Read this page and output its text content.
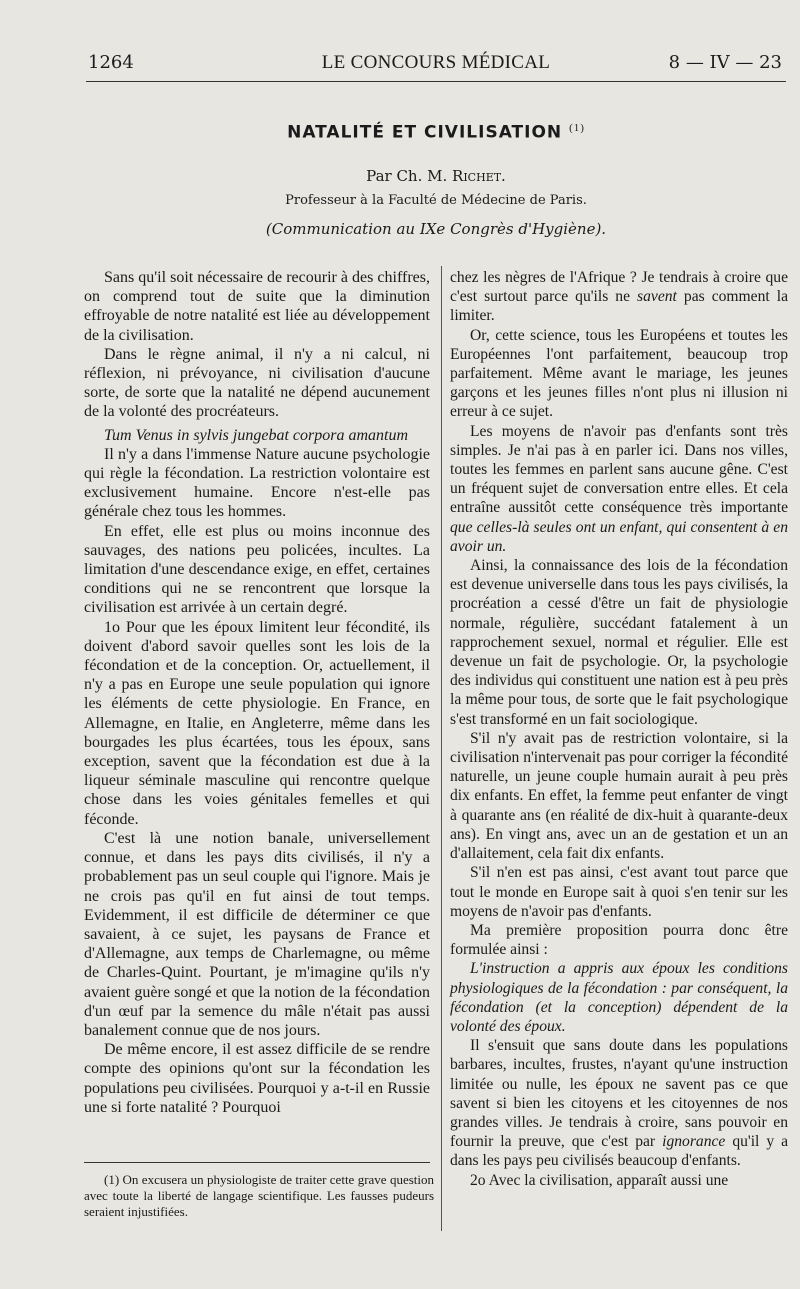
1264	LE CONCOURS MÉDICAL	8 — IV — 23
NATALITÉ ET CIVILISATION $^{(1)}$
Par Ch. M. Richet.
Professeur à la Faculté de Médecine de Paris.
(Communication au IXe Congrès d'Hygiène).

Sans qu'il soit nécessaire de recourir à des chiffres, on comprend tout de suite que la diminution effroyable de notre natalité est liée au développement de la civilisation.

Dans le règne animal, il n'y a ni calcul, ni réflexion, ni prévoyance, ni civilisation d'aucune sorte, de sorte que la natalité ne dépend aucunement de la volonté des procréateurs.

Tum Venus in sylvis jungebat corpora amantum

Il n'y a dans l'immense Nature aucune psychologie qui règle la fécondation. La restriction volontaire est exclusivement humaine. Encore n'est-elle pas générale chez tous les hommes.

En effet, elle est plus ou moins inconnue des sauvages, des nations peu policées, incultes. La limitation d'une descendance exige, en effet, certaines conditions qui ne se rencontrent que lorsque la civilisation est arrivée à un certain degré.

1o Pour que les époux limitent leur fécondité, ils doivent d'abord savoir quelles sont les lois de la fécondation et de la conception. Or, actuellement, il n'y a pas en Europe une seule population qui ignore les éléments de cette physiologie. En France, en Allemagne, en Italie, en Angleterre, même dans les bourgades les plus écartées, tous les époux, sans exception, savent que la fécondation est due à la liqueur séminale masculine qui rencontre quelque chose dans les voies génitales femelles et qui féconde.

C'est là une notion banale, universellement connue, et dans les pays dits civilisés, il n'y a probablement pas un seul couple qui l'ignore. Mais je ne crois pas qu'il en fut ainsi de tout temps. Evidemment, il est difficile de déterminer ce que savaient, à ce sujet, les paysans de France et d'Allemagne, aux temps de Charlemagne, ou même de Charles-Quint. Pourtant, je m'imagine qu'ils n'y avaient guère songé et que la notion de la fécondation d'un œuf par la semence du mâle n'était pas aussi banalement connue que de nos jours.

De même encore, il est assez difficile de se rendre compte des opinions qu'ont sur la fécondation les populations peu civilisées. Pourquoi y a-t-il en Russie une si forte natalité ? Pourquoi

chez les nègres de l'Afrique ? Je tendrais à croire que c'est surtout parce qu'ils ne savent pas comment la limiter.

Or, cette science, tous les Européens et toutes les Européennes l'ont parfaitement, beaucoup trop parfaitement. Même avant le mariage, les jeunes garçons et les jeunes filles n'ont plus ni illusion ni erreur à ce sujet.

Les moyens de n'avoir pas d'enfants sont très simples. Je n'ai pas à en parler ici. Dans nos villes, toutes les femmes en parlent sans aucune gêne. C'est un fréquent sujet de conversation entre elles. Et cela entraîne aussitôt cette conséquence très importante que celles-là seules ont un enfant, qui consentent à en avoir un.

Ainsi, la connaissance des lois de la fécondation est devenue universelle dans tous les pays civilisés, la procréation a cessé d'être un fait de physiologie normale, régulière, succédant fatalement à un rapprochement sexuel, normal et régulier. Elle est devenue un fait de psychologie. Or, la psychologie des individus qui constituent une nation est à peu près la même pour tous, de sorte que le fait psychologique s'est transformé en un fait sociologique.

S'il n'y avait pas de restriction volontaire, si la civilisation n'intervenait pas pour corriger la fécondité naturelle, un jeune couple humain aurait à peu près dix enfants. En effet, la femme peut enfanter de vingt à quarante ans (en réalité de dix-huit à quarante-deux ans). En vingt ans, avec un an de gestation et un an d'allaitement, cela fait dix enfants.

S'il n'en est pas ainsi, c'est avant tout parce que tout le monde en Europe sait à quoi s'en tenir sur les moyens de n'avoir pas d'enfants.

Ma première proposition pourra donc être formulée ainsi :

L'instruction a appris aux époux les conditions physiologiques de la fécondation : par conséquent, la fécondation (et la conception) dépendent de la volonté des époux.

Il s'ensuit que sans doute dans les populations barbares, incultes, frustes, n'ayant qu'une instruction limitée ou nulle, les époux ne savent pas ce que savent si bien les citoyens et les citoyennes de nos grandes villes. Je tendrais à croire, sans pouvoir en fournir la preuve, que c'est par ignorance qu'il y a dans les pays peu civilisés beaucoup d'enfants.

2o Avec la civilisation, apparaît aussi une

(1) On excusera un physiologiste de traiter cette grave question avec toute la liberté de langage scientifique. Les fausses pudeurs seraient injustifiées.
